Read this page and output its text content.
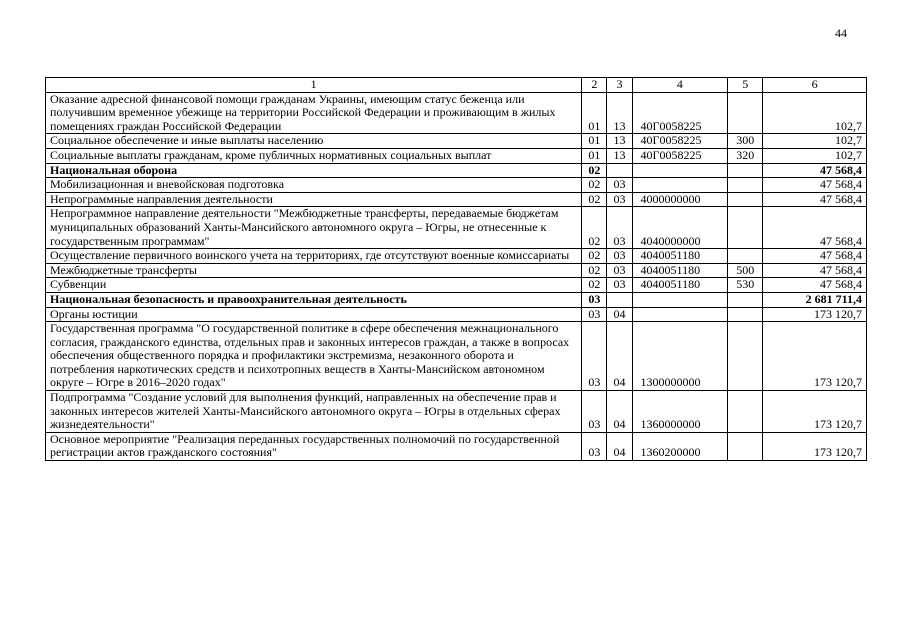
44
1	2	3	4	5	6
Оказание адресной финансовой помощи гражданам Украины, имеющим статус беженца или получившим временное убежище на территории Российской Федерации и проживающим в жилых помещениях граждан Российской Федерации	01	13	40Г0058225		102,7
Социальное обеспечение и иные выплаты населению	01	13	40Г0058225	300	102,7
Социальные выплаты гражданам, кроме публичных нормативных социальных выплат	01	13	40Г0058225	320	102,7
Национальная оборона	02				47 568,4
Мобилизационная и вневойсковая подготовка	02	03			47 568,4
Непрограммные направления деятельности	02	03	4000000000		47 568,4
Непрограммное направление деятельности "Межбюджетные трансферты, передаваемые бюджетам муниципальных образований Ханты-Мансийского автономного округа – Югры, не отнесенные к государственным программам"	02	03	4040000000		47 568,4
Осуществление первичного воинского учета на территориях, где отсутствуют военные комиссариаты	02	03	4040051180		47 568,4
Межбюджетные трансферты	02	03	4040051180	500	47 568,4
Субвенции	02	03	4040051180	530	47 568,4
Национальная безопасность и правоохранительная деятельность	03				2 681 711,4
Органы юстиции	03	04			173 120,7
Государственная программа "О государственной политике в сфере обеспечения межнационального согласия, гражданского единства, отдельных прав и законных интересов граждан, а также в вопросах обеспечения общественного порядка и профилактики экстремизма, незаконного оборота и потребления наркотических средств и психотропных веществ в Ханты-Мансийском автономном округе – Югре в 2016–2020 годах"	03	04	1300000000		173 120,7
Подпрограмма "Создание условий для выполнения функций, направленных на обеспечение прав и законных интересов жителей Ханты-Мансийского автономного округа – Югры в отдельных сферах жизнедеятельности"	03	04	1360000000		173 120,7
Основное мероприятие "Реализация переданных государственных полномочий по государственной регистрации актов гражданского состояния"	03	04	1360200000		173 120,7
